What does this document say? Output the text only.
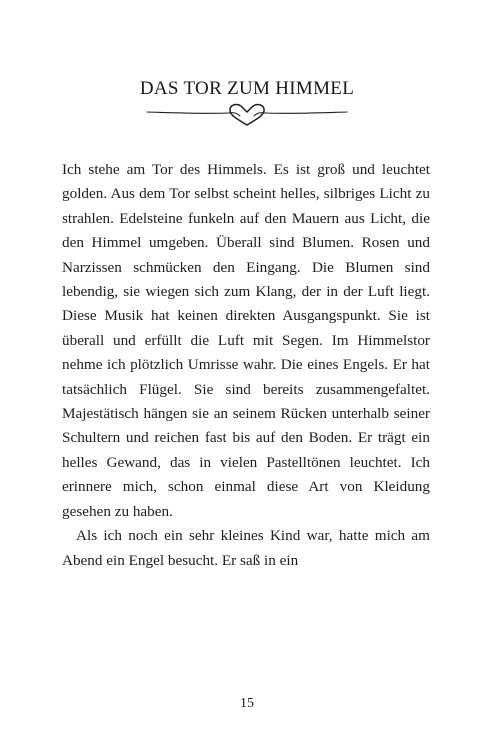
DAS TOR ZUM HIMMEL

Ich stehe am Tor des Himmels. Es ist groß und leuchtet golden. Aus dem Tor selbst scheint helles, silbriges Licht zu strahlen. Edelsteine funkeln auf den Mauern aus Licht, die den Himmel umgeben. Überall sind Blumen. Rosen und Narzissen schmücken den Eingang. Die Blumen sind lebendig, sie wiegen sich zum Klang, der in der Luft liegt. Diese Musik hat keinen direkten Ausgangspunkt. Sie ist überall und erfüllt die Luft mit Segen. Im Himmelstor nehme ich plötzlich Umrisse wahr. Die eines Engels. Er hat tatsächlich Flügel. Sie sind bereits zusammengefaltet. Majestätisch hängen sie an seinem Rücken unterhalb seiner Schultern und reichen fast bis auf den Boden. Er trägt ein helles Gewand, das in vielen Pastelltönen leuchtet. Ich erinnere mich, schon einmal diese Art von Kleidung gesehen zu haben.

Als ich noch ein sehr kleines Kind war, hatte mich am Abend ein Engel besucht. Er saß in ein

15
